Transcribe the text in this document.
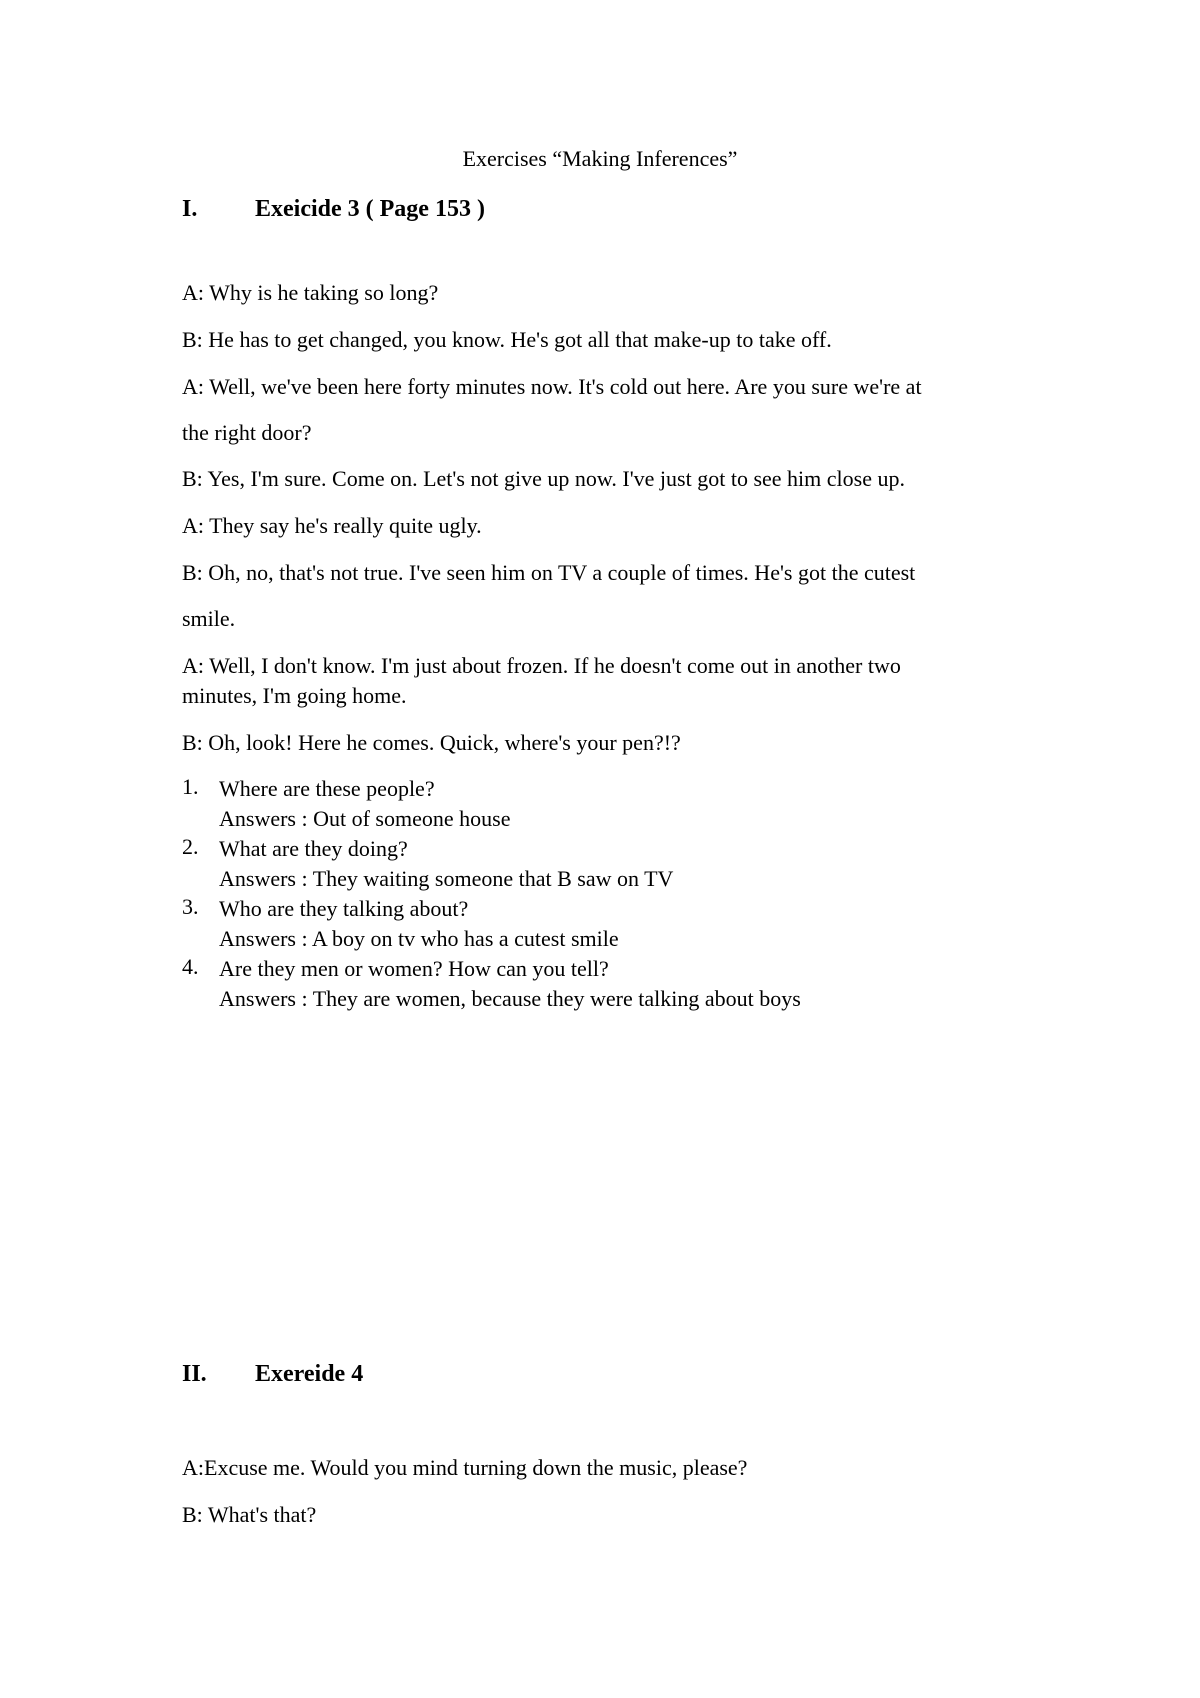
Exercises “Making Inferences”
I. Exeicide 3 ( Page 153 )
A: Why is he taking so long?
B: He has to get changed, you know. He's got all that make-up to take off.
A: Well, we've been here forty minutes now. It's cold out here. Are you sure we're at
the right door?
B: Yes, I'm sure. Come on. Let's not give up now. I've just got to see him close up.
A: They say he's really quite ugly.
B: Oh, no, that's not true. I've seen him on TV a couple of times. He's got the cutest
smile.
A: Well, I don't know. I'm just about frozen. If he doesn't come out in another two
minutes, I'm going home.
B: Oh, look! Here he comes. Quick, where's your pen?!?
1. Where are these people?
Answers : Out of someone house
2. What are they doing?
Answers : They waiting someone that B saw on TV
3. Who are they talking about?
Answers : A boy on tv who has a cutest smile
4. Are they men or women? How can you tell?
Answers : They are women, because they were talking about boys
II. Exereide 4
A:Excuse me. Would you mind turning down the music, please?
B: What's that?
